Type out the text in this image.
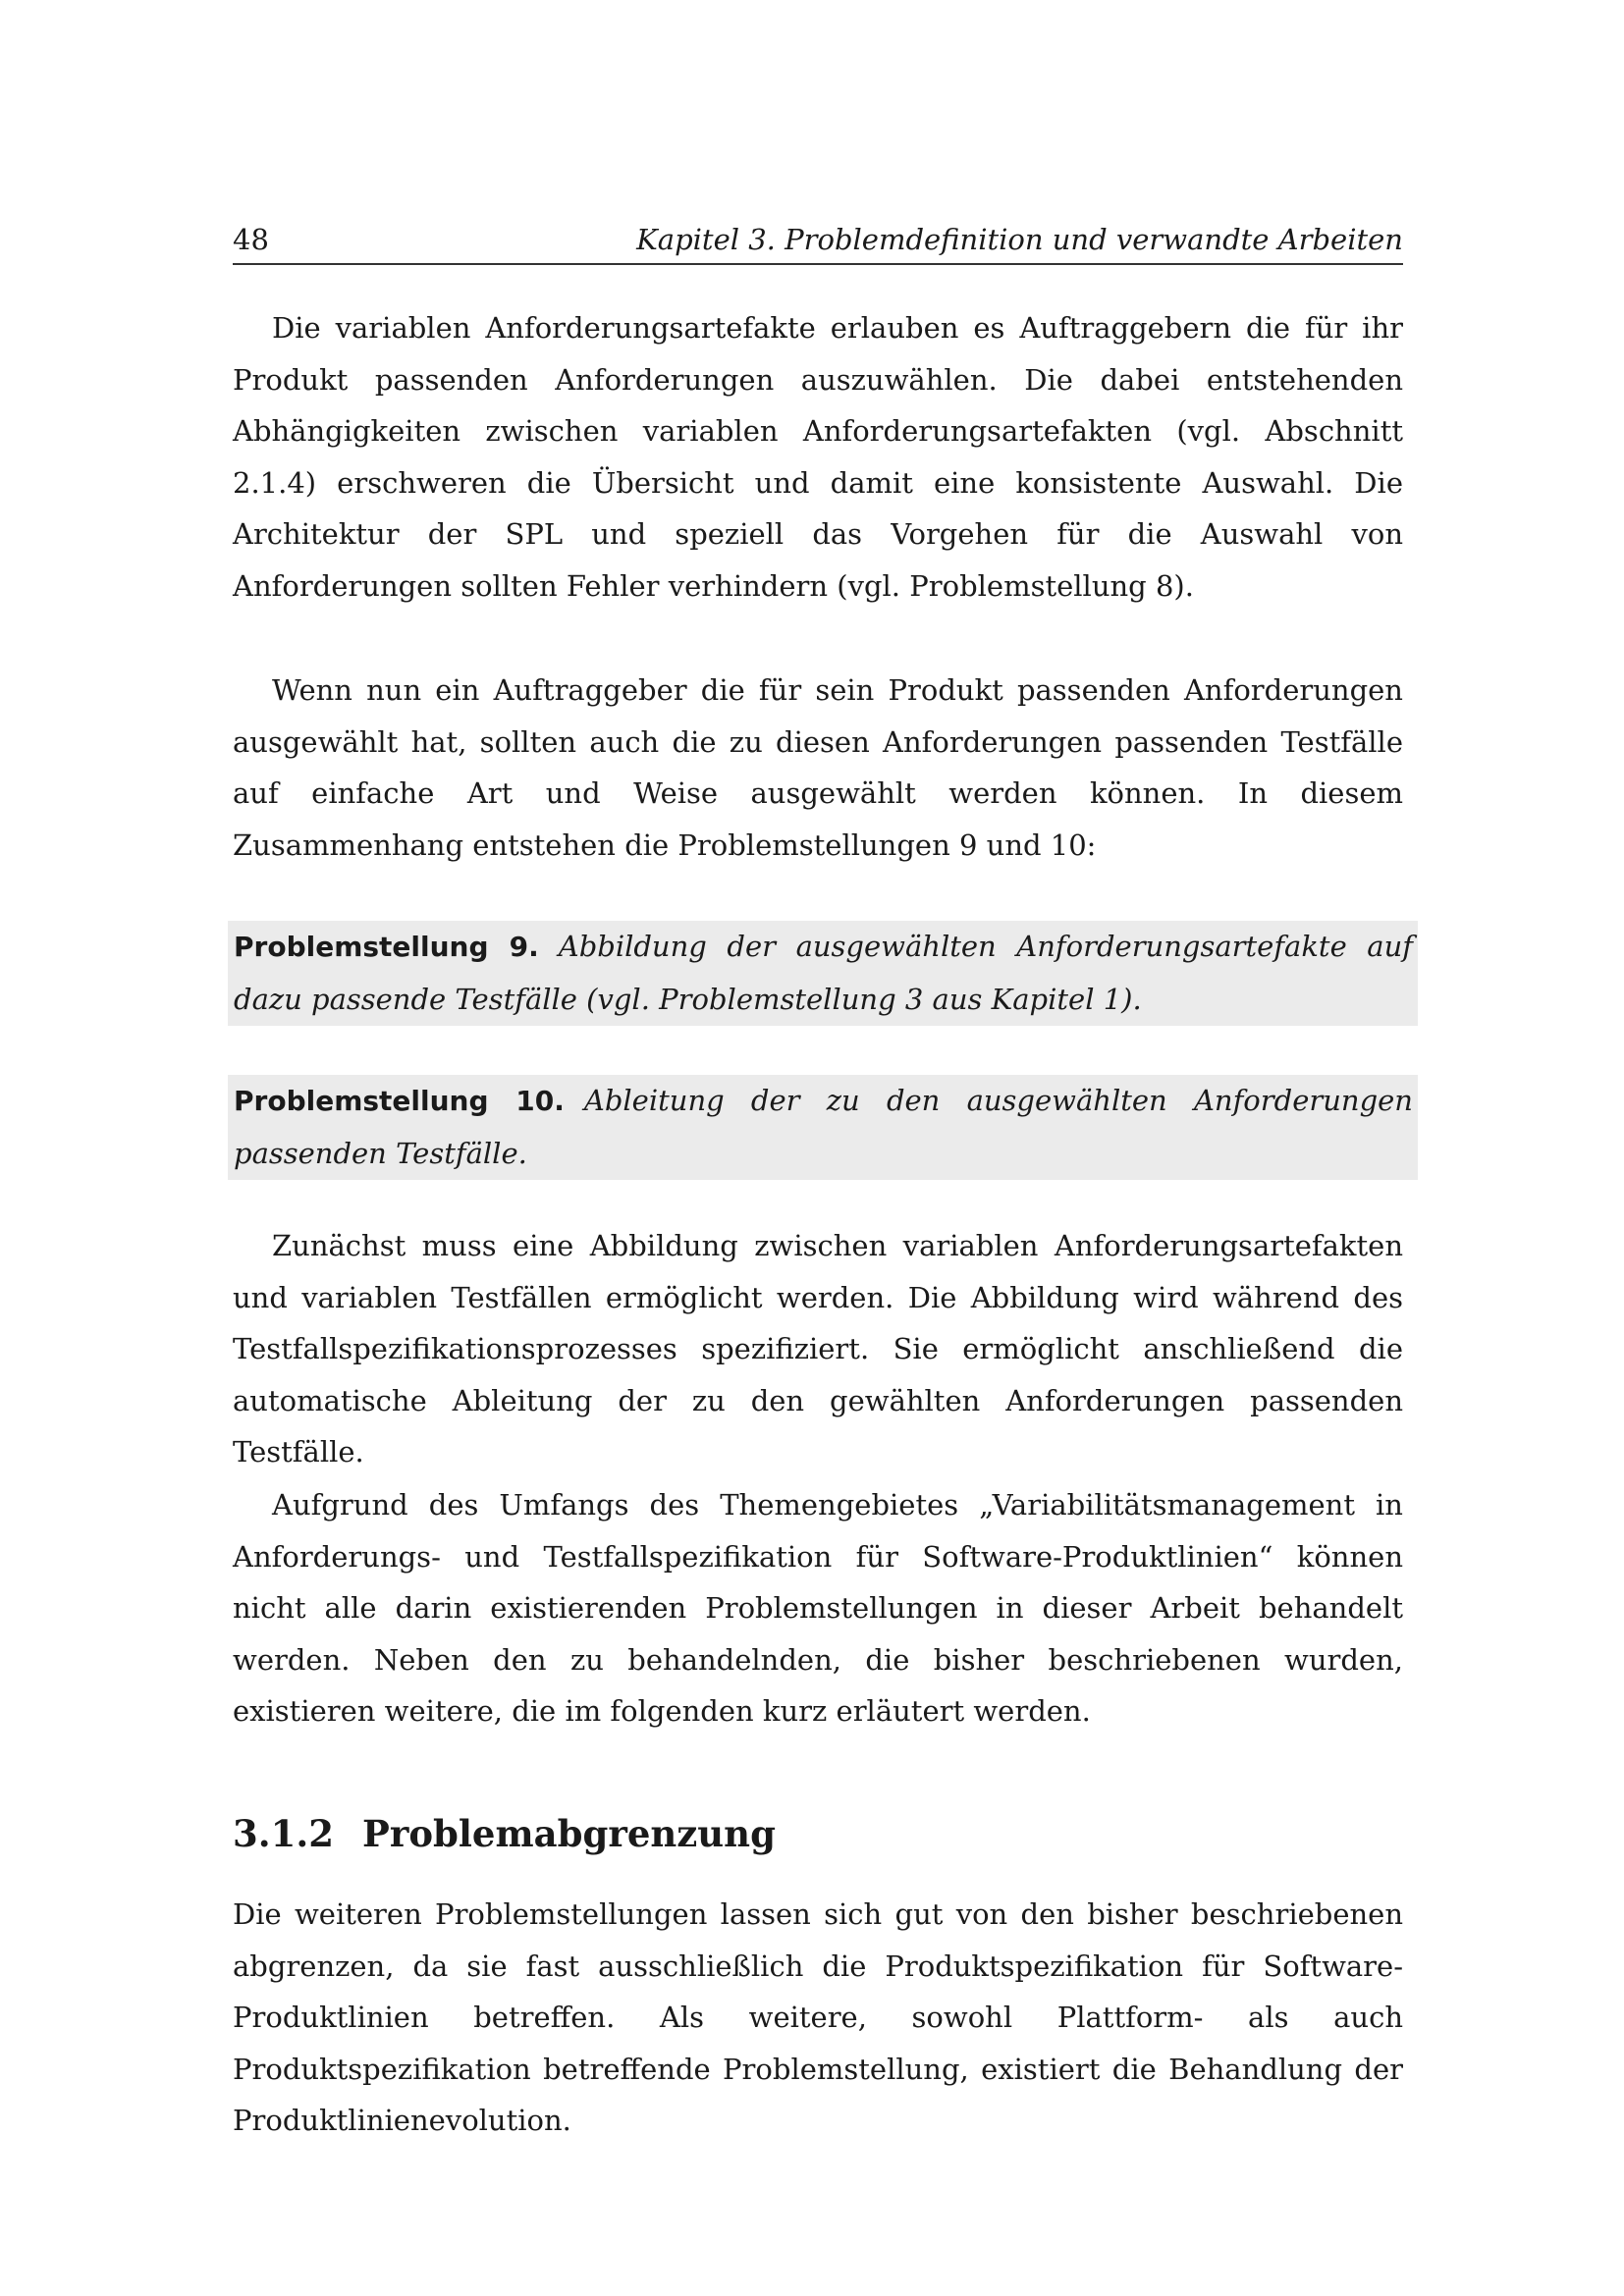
48	Kapitel 3. Problemdefinition und verwandte Arbeiten

Die variablen Anforderungsartefakte erlauben es Auftraggebern die für ihr Produkt passenden Anforderungen auszuwählen. Die dabei entstehenden Abhängigkeiten zwischen variablen Anforderungsartefakten (vgl. Abschnitt 2.1.4) erschweren die Übersicht und damit eine konsistente Auswahl. Die Architektur der SPL und speziell das Vorgehen für die Auswahl von Anforderungen sollten Fehler verhindern (vgl. Problemstellung 8).

Wenn nun ein Auftraggeber die für sein Produkt passenden Anforderungen ausgewählt hat, sollten auch die zu diesen Anforderungen passenden Testfälle auf einfache Art und Weise ausgewählt werden können. In diesem Zusammenhang entstehen die Problemstellungen 9 und 10:

Problemstellung 9. Abbildung der ausgewählten Anforderungsartefakte auf dazu passende Testfälle (vgl. Problemstellung 3 aus Kapitel 1).
Problemstellung 10. Ableitung der zu den ausgewählten Anforderungen passenden Testfälle.

Zunächst muss eine Abbildung zwischen variablen Anforderungsartefakten und variablen Testfällen ermöglicht werden. Die Abbildung wird während des Testfallspezifikationsprozesses spezifiziert. Sie ermöglicht anschließend die automatische Ableitung der zu den gewählten Anforderungen passenden Testfälle.

Aufgrund des Umfangs des Themengebietes „Variabilitätsmanagement in Anforderungs- und Testfallspezifikation für Software-Produktlinien“ können nicht alle darin existierenden Problemstellungen in dieser Arbeit behandelt werden. Neben den zu behandelnden, die bisher beschriebenen wurden, existieren weitere, die im folgenden kurz erläutert werden.

3.1.2 Problemabgrenzung

Die weiteren Problemstellungen lassen sich gut von den bisher beschriebenen abgrenzen, da sie fast ausschließlich die Produktspezifikation für Software-Produktlinien betreffen. Als weitere, sowohl Plattform- als auch Produktspezifikation betreffende Problemstellung, existiert die Behandlung der Produktlinienevolution.
